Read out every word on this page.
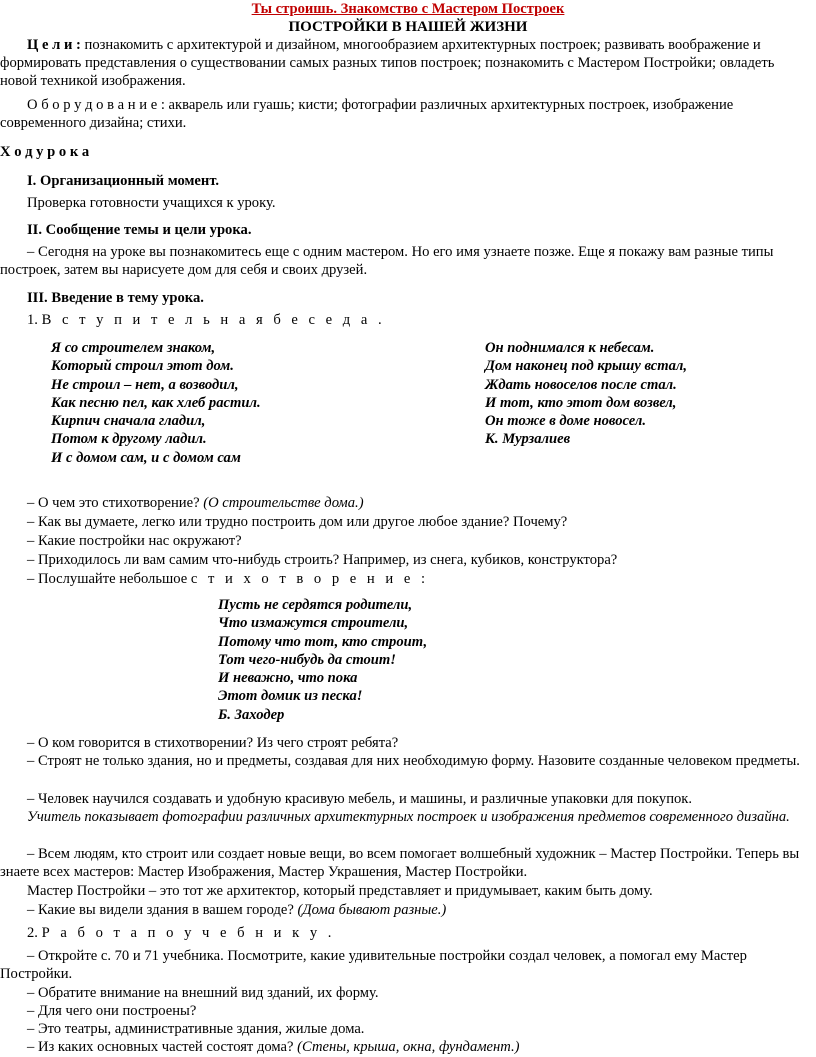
Ты строишь. Знакомство с Мастером Построек
ПОСТРОЙКИ В НАШЕЙ ЖИЗНИ
Ц е л и : познакомить с архитектурой и дизайном, многообразием архитектурных построек; развивать воображение и формировать представления о существовании самых разных типов построек; познакомить с Мастером Постройки; овладеть новой техникой изображения.
О б о р у д о в а н и е : акварель или гуашь; кисти; фотографии различных архитектурных построек, изображение современного дизайна; стихи.
Х о д у р о к а
I. Организационный момент.
Проверка готовности учащихся к уроку.
II. Сообщение темы и цели урока.
– Сегодня на уроке вы познакомитесь еще с одним мастером. Но его имя узнаете позже. Еще я покажу вам разные типы построек, затем вы нарисуете дом для себя и своих друзей.
III. Введение в тему урока.
1. В с т у п и т е л ь н а я б е с е д а .
Я со строителем знаком,
Который строил этот дом.
Не строил – нет, а возводил,
Как песню пел, как хлеб растил.
Кирпич сначала гладил,
Потом к другому ладил.
И с домом сам, и с домом сам
Он поднимался к небесам.
Дом наконец под крышу встал,
Ждать новоселов после стал.
И тот, кто этот дом возвел,
Он тоже в доме новосел.
К. Мурзалиев
– О чем это стихотворение? (О строительстве дома.)
– Как вы думаете, легко или трудно построить дом или другое любое здание? Почему?
– Какие постройки нас окружают?
– Приходилось ли вам самим что-нибудь строить? Например, из снега, кубиков, конструктора?
– Послушайте небольшое с т и х о т в о р е н и е :
Пусть не сердятся родители,
Что измажутся строители,
Потому что тот, кто строит,
Тот чего-нибудь да стоит!
И неважно, что пока
Этот домик из песка!
Б. Заходер
– О ком говорится в стихотворении? Из чего строят ребята?
– Строят не только здания, но и предметы, создавая для них необходимую форму. Назовите созданные человеком предметы.
– Человек научился создавать и удобную красивую мебель, и машины, и различные упаковки для покупок.
Учитель показывает фотографии различных архитектурных построек и изображения предметов современного дизайна.
– Всем людям, кто строит или создает новые вещи, во всем помогает волшебный художник – Мастер Постройки. Теперь вы знаете всех мастеров: Мастер Изображения, Мастер Украшения, Мастер Постройки.
Мастер Постройки – это тот же архитектор, который представляет и придумывает, каким быть дому.
– Какие вы видели здания в вашем городе? (Дома бывают разные.)
2. Р а б о т а п о у ч е б н и к у .
– Откройте с. 70 и 71 учебника. Посмотрите, какие удивительные постройки создал человек, а помогал ему Мастер Постройки.
– Обратите внимание на внешний вид зданий, их форму.
– Для чего они построены?
– Это театры, административные здания, жилые дома.
– Из каких основных частей состоят дома? (Стены, крыша, окна, фундамент.)
